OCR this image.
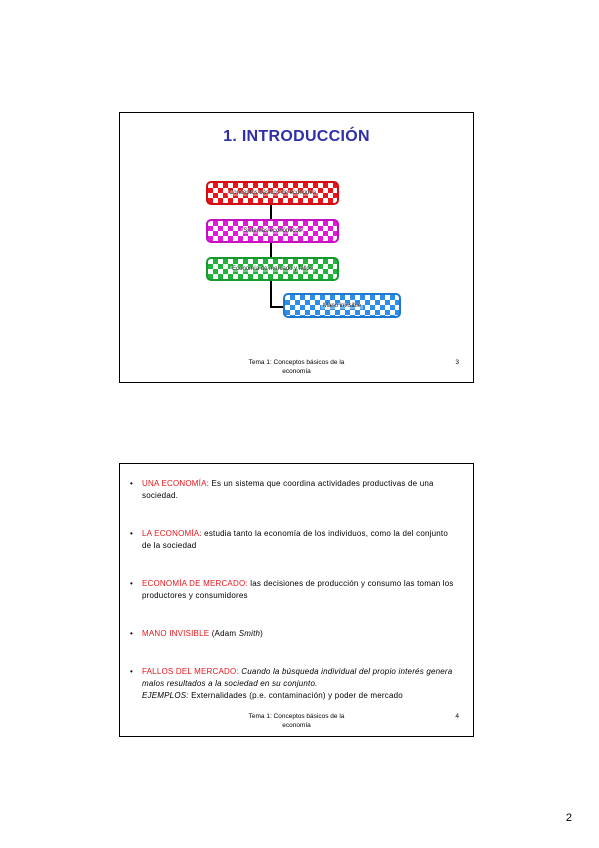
1. INTRODUCCIÓN
Conceptos básicos de economía
Sistemas económicos
Economía de mercado y fallos
Mano invisible
Tema 1: Conceptos básicos de la economía
3
• UNA ECONOMÍA: Es un sistema que coordina actividades productivas de una sociedad.
• LA ECONOMÍA: estudia tanto la economía de los individuos, como la del conjunto de la sociedad
• ECONOMÍA DE MERCADO: las decisiones de producción y consumo las toman los productores y consumidores
• MANO INVISIBLE (Adam Smith)
• FALLOS DEL MERCADO: Cuando la búsqueda individual del propio interés genera malos resultados a la sociedad en su conjunto.
EJEMPLOS: Externalidades (p.e. contaminación) y poder de mercado
Tema 1: Conceptos básicos de la economía
4
2
